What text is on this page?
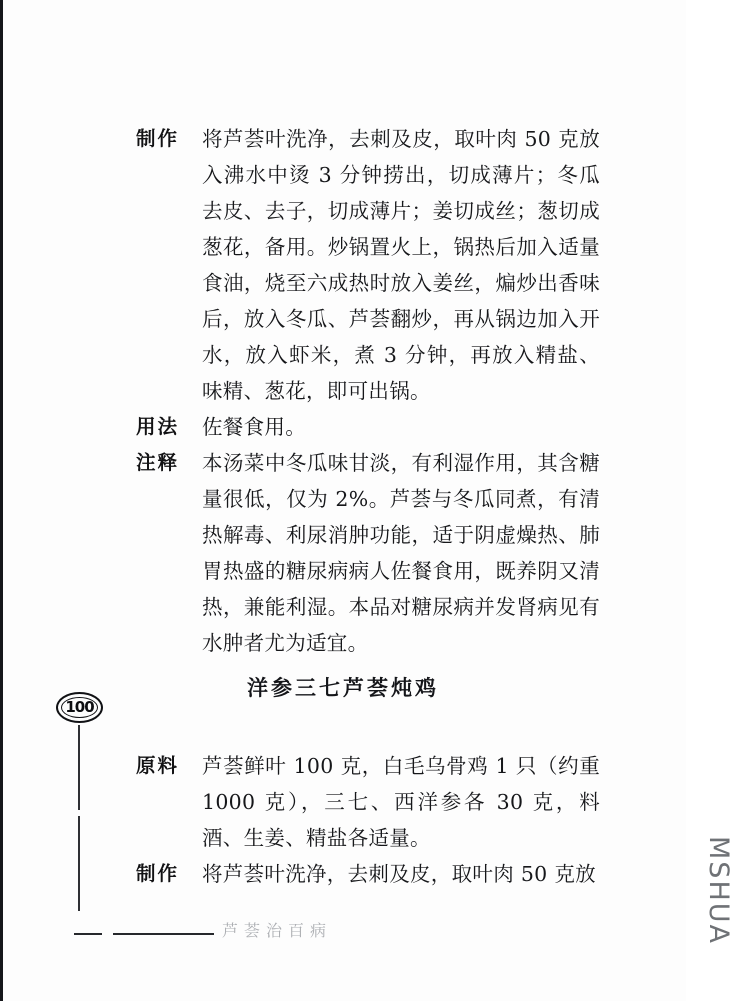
制作	将芦荟叶洗净，去刺及皮，取叶肉 50 克放入沸水中烫 3 分钟捞出，切成薄片；冬瓜去皮、去子，切成薄片；姜切成丝；葱切成葱花，备用。炒锅置火上，锅热后加入适量食油，烧至六成热时放入姜丝，煸炒出香味后，放入冬瓜、芦荟翻炒，再从锅边加入开水，放入虾米，煮 3 分钟，再放入精盐、味精、葱花，即可出锅。
用法	佐餐食用。
注释	本汤菜中冬瓜味甘淡，有利湿作用，其含糖量很低，仅为 2%。芦荟与冬瓜同煮，有清热解毒、利尿消肿功能，适于阴虚燥热、肺胃热盛的糖尿病病人佐餐食用，既养阴又清热，兼能利湿。本品对糖尿病并发肾病见有水肿者尤为适宜。
洋参三七芦荟炖鸡
原料	芦荟鲜叶 100 克，白毛乌骨鸡 1 只（约重 1000 克），三七、西洋参各 30 克，料酒、生姜、精盐各适量。
制作	将芦荟叶洗净，去刺及皮，取叶肉 50 克放
100
芦荟治百病	MSHUA
